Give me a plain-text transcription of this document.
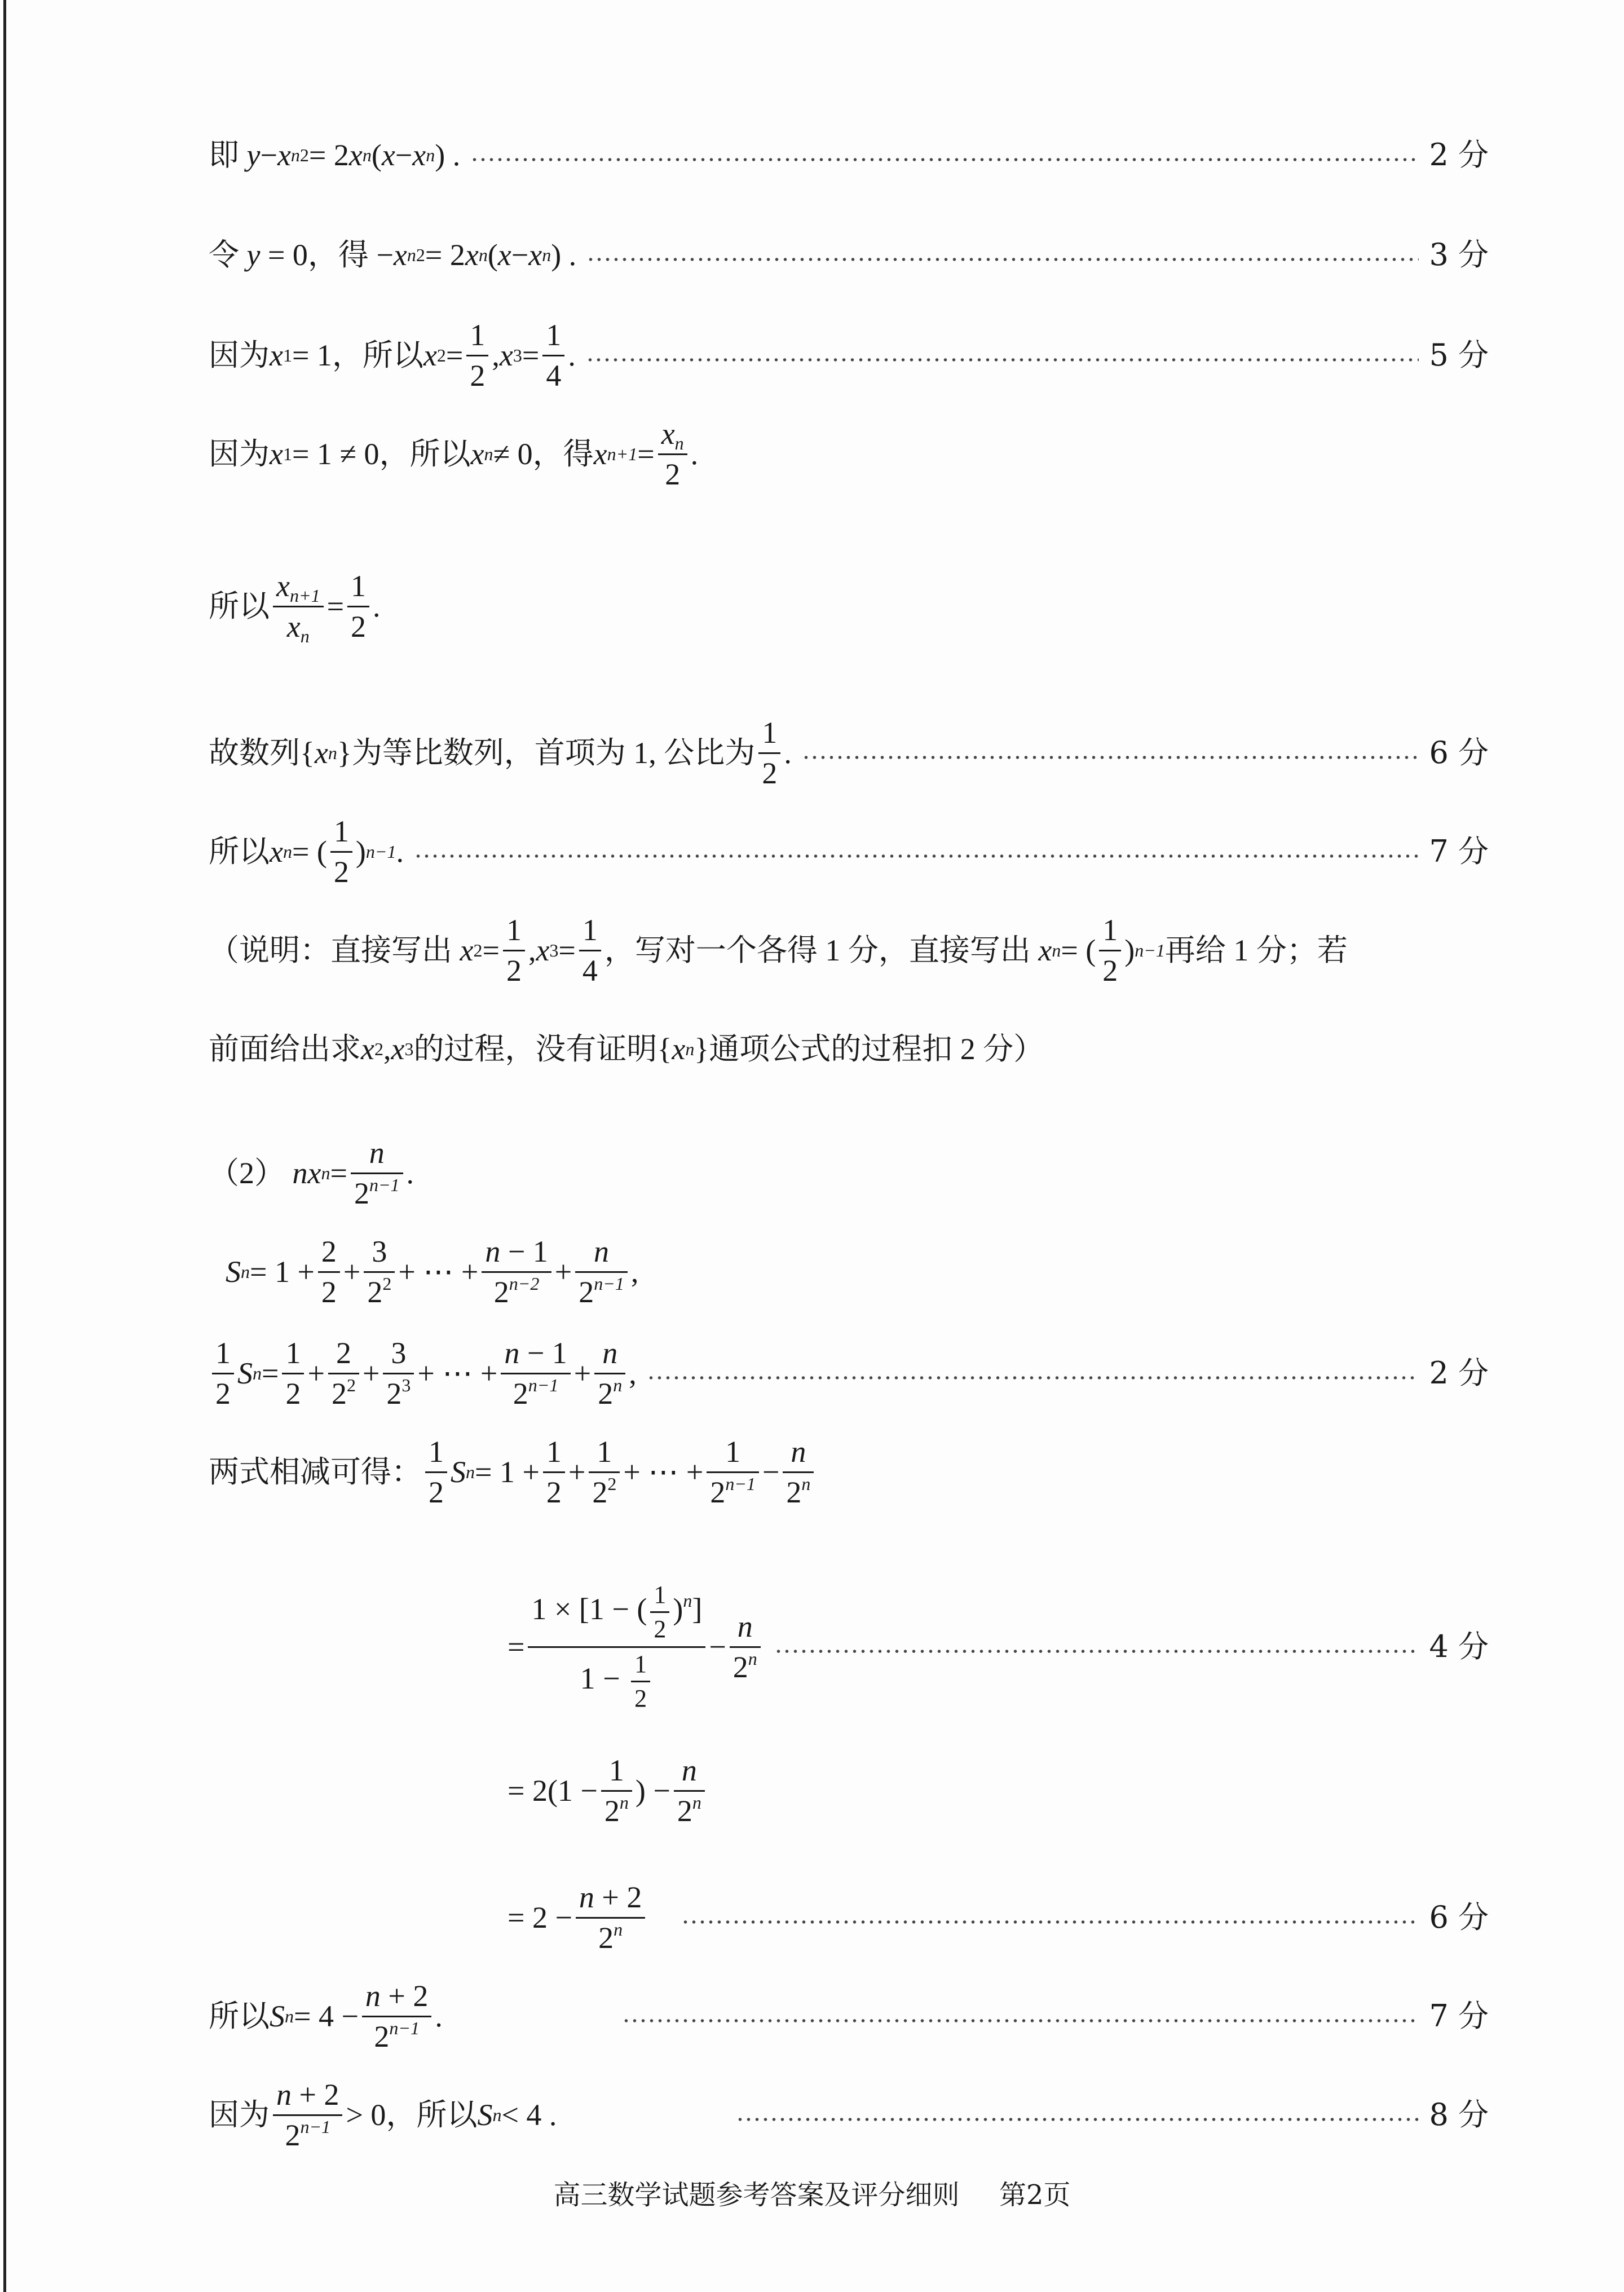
即 y − x n 2 = 2 x n ( x − x n ) .	2 分
令
y = 0 ，得 − x n 2 = 2 x n ( x − x n ) .	3 分
因为 x 1 = 1 ，所以 x $2 = \frac{1}{2}$ , x $3 = \frac{1}{4}$ .	5 分
因为 x 1 = 1 ≠ 0 ，所以 x n ≠ 0 ，得 x $n+1 = \frac{x_n}{2}$ .
所以 $\frac{x_{n+1}}{x_n} = \frac{1}{2}$ .
故数列 { x n } 为等比数列，首项为 1, 公比为 $\frac{1}{2}$ .	6 分
所以 x n = ( $\frac{1}{2}$ ) n−1 .	7 分
（说明：直接写出 x $2 = \frac{1}{2}$ , x $3 = \frac{1}{4}$ ，写对一个各得 1 分，直接写出 x n = ( $\frac{1}{2}$ ) n−1 再给 1 分；若
前面给出求 x 2 , x 3 的过程，没有证明 { x n } 通项公式的过程扣 2 分）
（2）
nx $n = \frac{n}{2^{n-1}}$ .
S $n = 1 + \frac{2}{2} + \frac{3}{2^2}$ + ⋯ + $\frac{n - 1}{2^{n-2}} + \frac{n}{2^{n-1}}$ ,
$\frac{1}{2}$ S $n = \frac{1}{2} + \frac{2}{2^2} + \frac{3}{2^3}$ + ⋯ + $\frac{n - 1}{2^{n-1}} + \frac{n}{2^n}$ ,	2 分
两式相减可得： $\frac{1}{2}$ S $n = 1 + \frac{1}{2} + \frac{1}{2^2}$ + ⋯ + $\frac{1}{2^{n-1}} - \frac{n}{2^n}$
= $\frac{1 \times [1 - ( \frac{1}{2} )^n]}{1 - \frac{1}{2}} - \frac{n}{2^n}$	4 分
= $2(1 - \frac{1}{2^n}$ ) − $\frac{n}{2^n}$
= $2 - \frac{n + 2}{2^n}$	6 分
所以 S $n = 4 - \frac{n + 2}{2^{n-1}}$ .	7 分
因为 $\frac{n + 2}{2^{n-1}} > 0$ ，所以 S n < 4 .	8 分
高三数学试题参考答案及评分细则 第2页
